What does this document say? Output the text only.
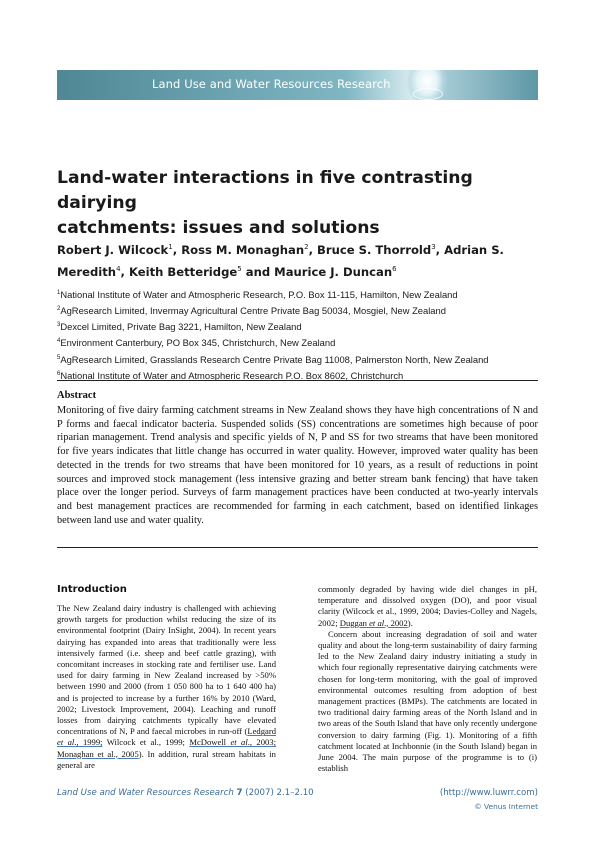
Land Use and Water Resources Research
Land-water interactions in five contrasting dairying
catchments: issues and solutions
Robert J. Wilcock$^1$, Ross M. Monaghan$^2$, Bruce S. Thorrold$^3$, Adrian S. Meredith$^4$, Keith Betteridge$^5$ and Maurice J. Duncan$^6$
$^1$National Institute of Water and Atmospheric Research, P.O. Box 11-115, Hamilton, New Zealand
$^2$AgResearch Limited, Invermay Agricultural Centre Private Bag 50034, Mosgiel, New Zealand
$^3$Dexcel Limited, Private Bag 3221, Hamilton, New Zealand
$^4$Environment Canterbury, PO Box 345, Christchurch, New Zealand
$^5$AgResearch Limited, Grasslands Research Centre Private Bag 11008, Palmerston North, New Zealand
$^6$National Institute of Water and Atmospheric Research P.O. Box 8602, Christchurch
Abstract
Monitoring of five dairy farming catchment streams in New Zealand shows they have high concentrations of N and P forms and faecal indicator bacteria. Suspended solids (SS) concentrations are sometimes high because of poor riparian management. Trend analysis and specific yields of N, P and SS for two streams that have been monitored for five years indicates that little change has occurred in water quality. However, improved water quality has been detected in the trends for two streams that have been monitored for 10 years, as a result of reductions in point sources and improved stock management (less intensive grazing and better stream bank fencing) that have taken place over the longer period. Surveys of farm management practices have been conducted at two-yearly intervals and best management practices are recommended for farming in each catchment, based on identified linkages between land use and water quality.
Introduction

The New Zealand dairy industry is challenged with achieving growth targets for production whilst reducing the size of its environmental footprint (Dairy InSight, 2004). In recent years dairying has expanded into areas that traditionally were less intensively farmed (i.e. sheep and beef cattle grazing), with concomitant increases in stocking rate and fertiliser use. Land used for dairy farming in New Zealand increased by >50% between 1990 and 2000 (from 1 050 800 ha to 1 640 400 ha) and is projected to increase by a further 16% by 2010 (Ward, 2002; Livestock Improvement, 2004). Leaching and runoff losses from dairying catchments typically have elevated concentrations of N, P and faecal microbes in run-off (Ledgard et al., 1999; Wilcock et al., 1999; McDowell et al., 2003; Monaghan et al., 2005). In addition, rural stream habitats in general are

commonly degraded by having wide diel changes in pH, temperature and dissolved oxygen (DO), and poor visual clarity (Wilcock et al., 1999, 2004; Davies-Colley and Nagels, 2002; Duggan et al., 2002).

Concern about increasing degradation of soil and water quality and about the long-term sustainability of dairy farming led to the New Zealand dairy industry initiating a study in which four regionally representative dairying catchments were chosen for long-term monitoring, with the goal of improved environmental outcomes resulting from adoption of best management practices (BMPs). The catchments are located in two traditional dairy farming areas of the North Island and in two areas of the South Island that have only recently undergone conversion to dairy farming (Fig. 1). Monitoring of a fifth catchment located at Inchbonnie (in the South Island) began in June 2004. The main purpose of the programme is to (i) establish

Land Use and Water Resources Research 7 (2007) 2.1–2.10	(http://www.luwrr.com)
© Venus Internet
